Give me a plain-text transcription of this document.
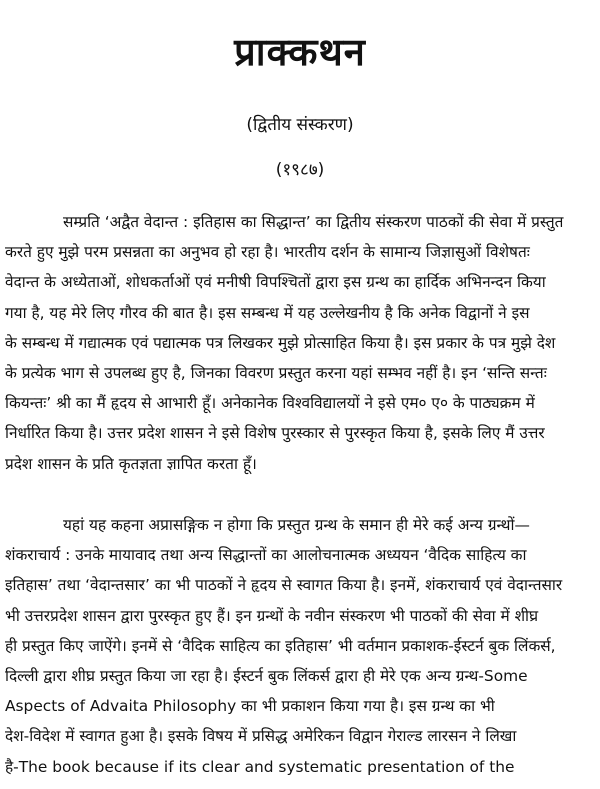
प्राक्कथन
(द्वितीय संस्करण)
(१९८७)
सम्प्रति ‘अद्वैत वेदान्त : इतिहास का सिद्धान्त’ का द्वितीय संस्करण पाठकों की सेवा में प्रस्तुत
करते हुए मुझे परम प्रसन्नता का अनुभव हो रहा है। भारतीय दर्शन के सामान्य जिज्ञासुओं विशेषतः
वेदान्त के अध्येताओं, शोधकर्ताओं एवं मनीषी विपश्चितों द्वारा इस ग्रन्थ का हार्दिक अभिनन्दन किया
गया है, यह मेरे लिए गौरव की बात है। इस सम्बन्ध में यह उल्लेखनीय है कि अनेक विद्वानों ने इस
के सम्बन्ध में गद्यात्मक एवं पद्यात्मक पत्र लिखकर मुझे प्रोत्साहित किया है। इस प्रकार के पत्र मुझे देश
के प्रत्येक भाग से उपलब्ध हुए है, जिनका विवरण प्रस्तुत करना यहां सम्भव नहीं है। इन ‘सन्ति सन्तः
कियन्तः’ श्री का मैं हृदय से आभारी हूँ। अनेकानेक विश्वविद्यालयों ने इसे एम० ए० के पाठ्यक्रम में
निर्धारित किया है। उत्तर प्रदेश शासन ने इसे विशेष पुरस्कार से पुरस्कृत किया है, इसके लिए मैं उत्तर
प्रदेश शासन के प्रति कृतज्ञता ज्ञापित करता हूँ।
यहां यह कहना अप्रासङ्गिक न होगा कि प्रस्तुत ग्रन्थ के समान ही मेरे कई अन्य ग्रन्थों—
शंकराचार्य : उनके मायावाद तथा अन्य सिद्धान्तों का आलोचनात्मक अध्ययन ‘वैदिक साहित्य का
इतिहास’ तथा ‘वेदान्तसार’ का भी पाठकों ने हृदय से स्वागत किया है। इनमें, शंकराचार्य एवं वेदान्तसार
भी उत्तरप्रदेश शासन द्वारा पुरस्कृत हुए हैं। इन ग्रन्थों के नवीन संस्करण भी पाठकों की सेवा में शीघ्र
ही प्रस्तुत किए जाऐंगे। इनमें से ‘वैदिक साहित्य का इतिहास’ भी वर्तमान प्रकाशक-ईस्टर्न बुक लिंकर्स,
दिल्ली द्वारा शीघ्र प्रस्तुत किया जा रहा है। ईस्टर्न बुक लिंकर्स द्वारा ही मेरे एक अन्य ग्रन्थ-Some
Aspects of Advaita Philosophy का भी प्रकाशन किया गया है। इस ग्रन्थ का भी
देश-विदेश में स्वागत हुआ है। इसके विषय में प्रसिद्ध अमेरिकन विद्वान गेराल्ड लारसन ने लिखा
है-The book because if its clear and systematic presentation of the
